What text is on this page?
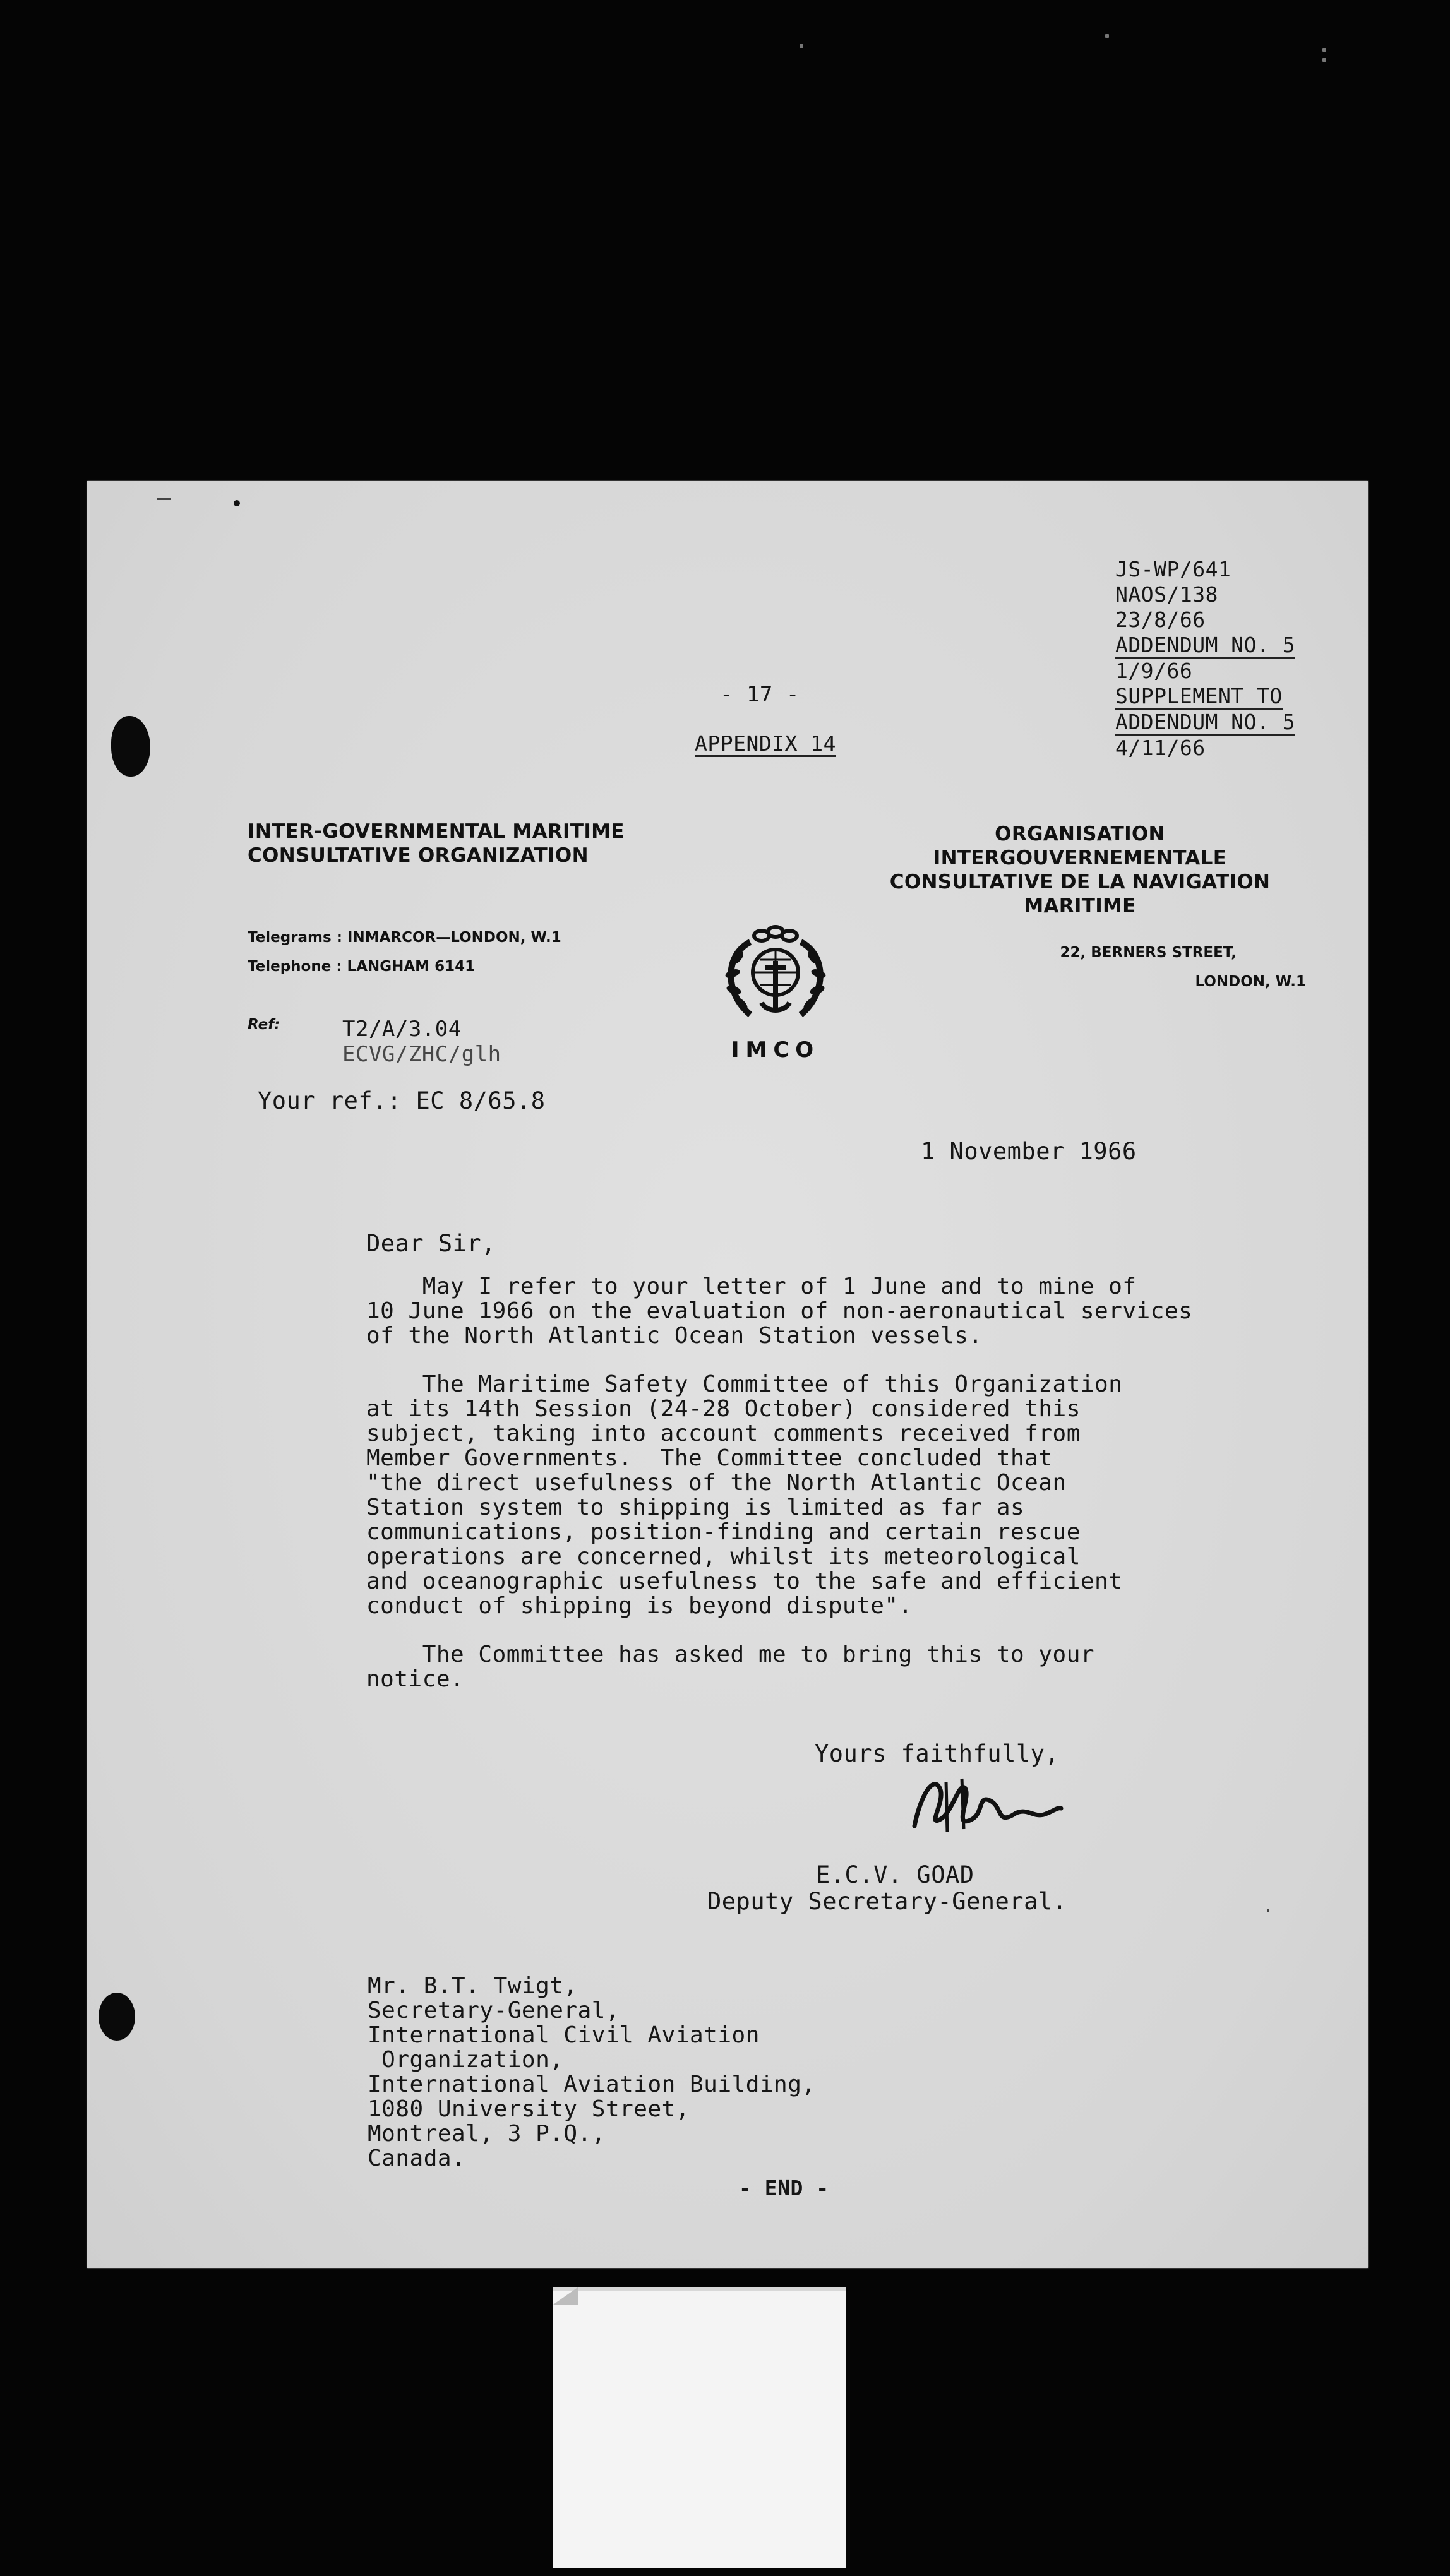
JS-WP/641
NAOS/138
23/8/66
ADDENDUM NO. 5
1/9/66
SUPPLEMENT TO
ADDENDUM NO. 5
4/11/66
- 17 -
APPENDIX 14
INTER-GOVERNMENTAL MARITIME
CONSULTATIVE ORGANIZATION
ORGANISATION INTERGOUVERNEMENTALE
CONSULTATIVE DE LA NAVIGATION
MARITIME
Telegrams : INMARCOR—LONDON, W.1
Telephone : LANGHAM 6141
22, BERNERS STREET,
LONDON, W.1
IMCO
Ref:	T2/A/3.04
ECVG/ZHC/glh
Your ref.: EC 8/65.8
1 November 1966
Dear Sir,
May I refer to your letter of 1 June and to mine of
10 June 1966 on the evaluation of non-aeronautical services
of the North Atlantic Ocean Station vessels.
The Maritime Safety Committee of this Organization
at its 14th Session (24-28 October) considered this
subject, taking into account comments received from
Member Governments.  The Committee concluded that
"the direct usefulness of the North Atlantic Ocean
Station system to shipping is limited as far as
communications, position-finding and certain rescue
operations are concerned, whilst its meteorological
and oceanographic usefulness to the safe and efficient
conduct of shipping is beyond dispute".
The Committee has asked me to bring this to your
notice.
Yours faithfully,
E.C.V. GOAD
Deputy Secretary-General.
Mr. B.T. Twigt,
Secretary-General,
International Civil Aviation
Organization,
International Aviation Building,
1080 University Street,
Montreal, 3 P.Q.,
Canada.
- END -
